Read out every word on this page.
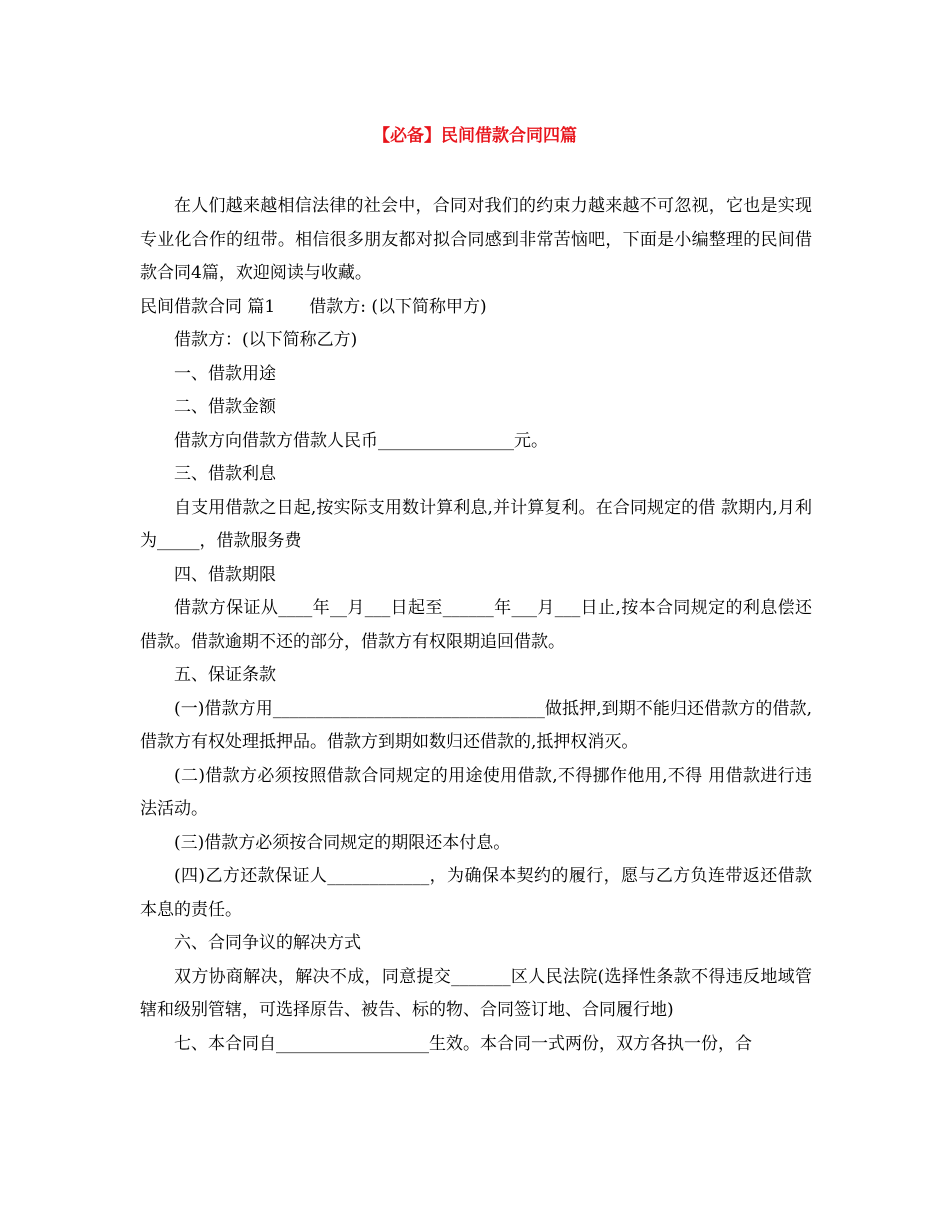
【必备】民间借款合同四篇

在人们越来越相信法律的社会中，合同对我们的约束力越来越不可忽视，它也是实现专业化合作的纽带。相信很多朋友都对拟合同感到非常苦恼吧，下面是小编整理的民间借款合同4篇，欢迎阅读与收藏。

民间借款合同 篇1 借款方: (以下简称甲方)

借款方：(以下简称乙方)

一、借款用途

二、借款金额

借款方向借款方借款人民币________________元。

三、借款利息

自支用借款之日起,按实际支用数计算利息,并计算复利。在合同规定的借 款期内,月利为_____，借款服务费

四、借款期限

借款方保证从____年__月___日起至______年___月___日止,按本合同规定的利息偿还借款。借款逾期不还的部分，借款方有权限期追回借款。

五、保证条款

(一)借款方用________________________________做抵押,到期不能归还借款方的借款,借款方有权处理抵押品。借款方到期如数归还借款的,抵押权消灭。

(二)借款方必须按照借款合同规定的用途使用借款,不得挪作他用,不得 用借款进行违法活动。

(三)借款方必须按合同规定的期限还本付息。

(四)乙方还款保证人____________，为确保本契约的履行，愿与乙方负连带返还借款本息的责任。

六、合同争议的解决方式

双方协商解决，解决不成，同意提交_______区人民法院(选择性条款不得违反地域管辖和级别管辖，可选择原告、被告、标的物、合同签订地、合同履行地)

七、本合同自__________________生效。本合同一式两份，双方各执一份，合
